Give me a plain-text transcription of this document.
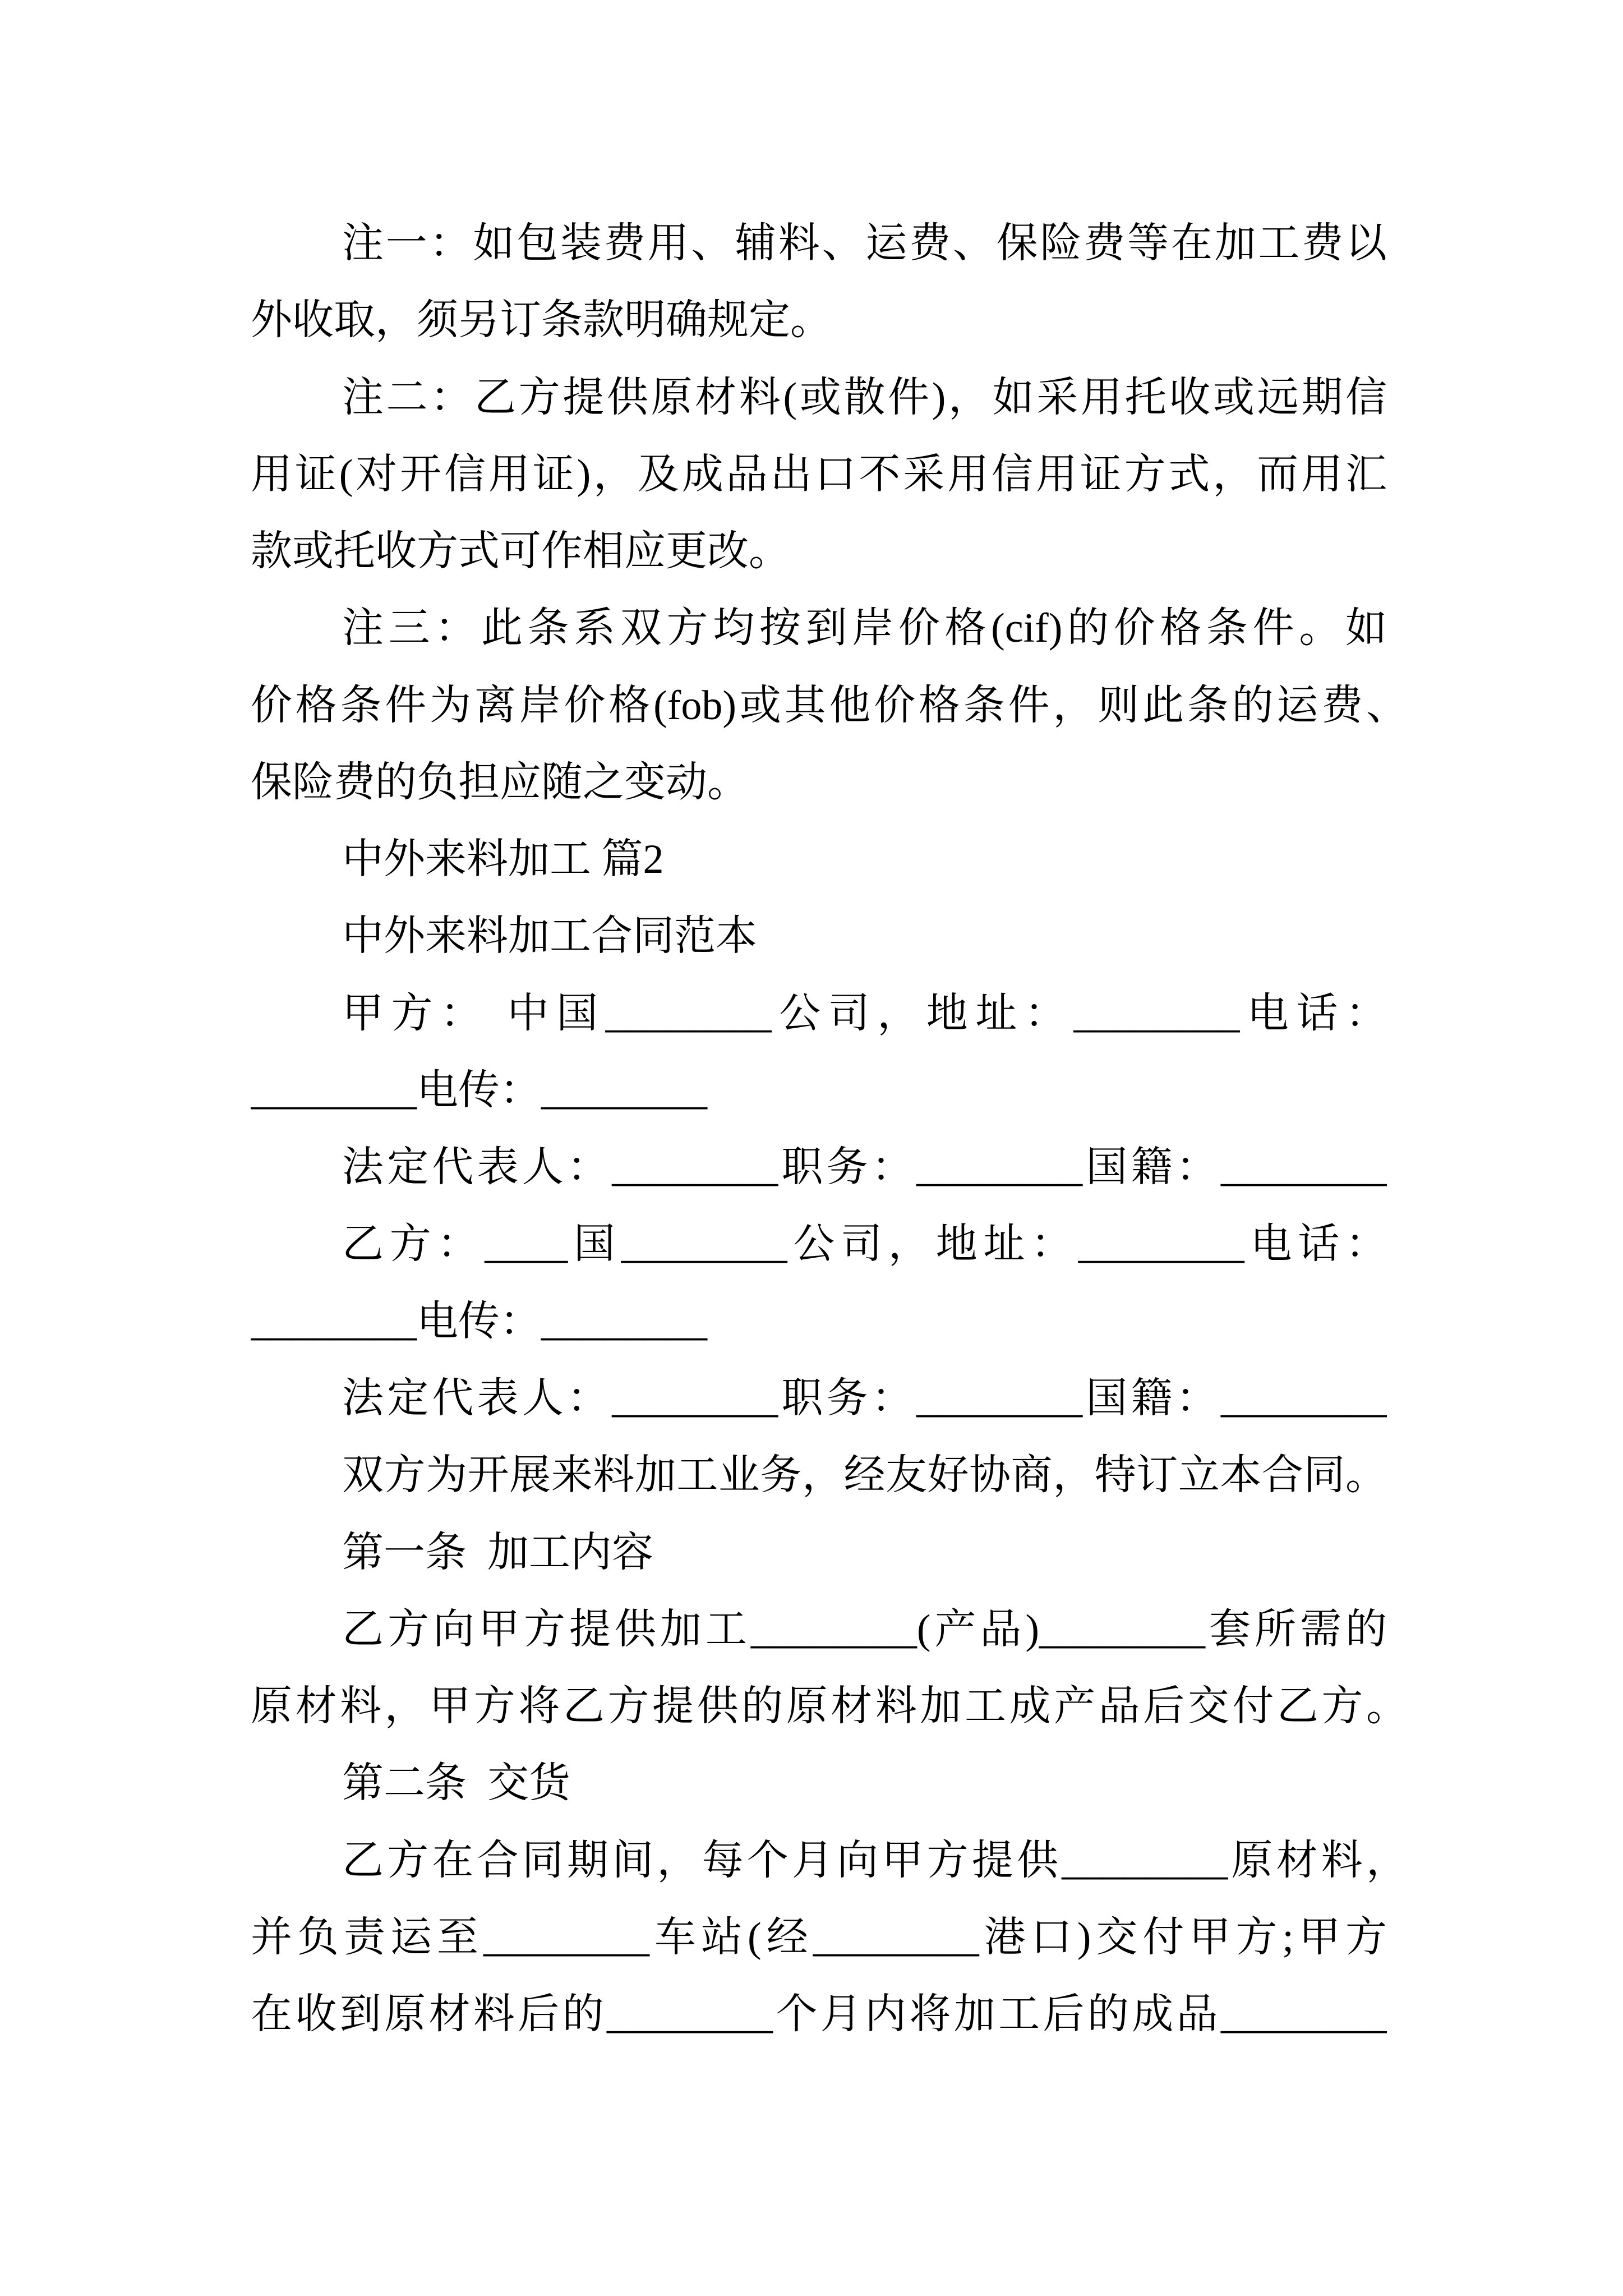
注一：如包装费用、辅料、运费、保险费等在加工费以
外收取，须另订条款明确规定。
注二：乙方提供原材料(或散件)，如采用托收或远期信
用证(对开信用证)，及成品出口不采用信用证方式，而用汇
款或托收方式可作相应更改。
注三：此条系双方均按到岸价格(cif)的价格条件。如
价格条件为离岸价格(fob)或其他价格条件，则此条的运费、
保险费的负担应随之变动。
中外来料加工 篇2
中外来料加工合同范本
甲方： 中国________公司，地址：________电话：
________电传：________
法定代表人：________职务：________国籍：________
乙方：____国________公司，地址：________电话：
________电传：________
法定代表人：________职务：________国籍：________
双方为开展来料加工业务，经友好协商，特订立本合同。
第一条  加工内容
乙方向甲方提供加工________(产品)________套所需的
原材料，甲方将乙方提供的原材料加工成产品后交付乙方。
第二条  交货
乙方在合同期间，每个月向甲方提供________原材料，
并负责运至________车站(经________港口)交付甲方;甲方
在收到原材料后的________个月内将加工后的成品________
